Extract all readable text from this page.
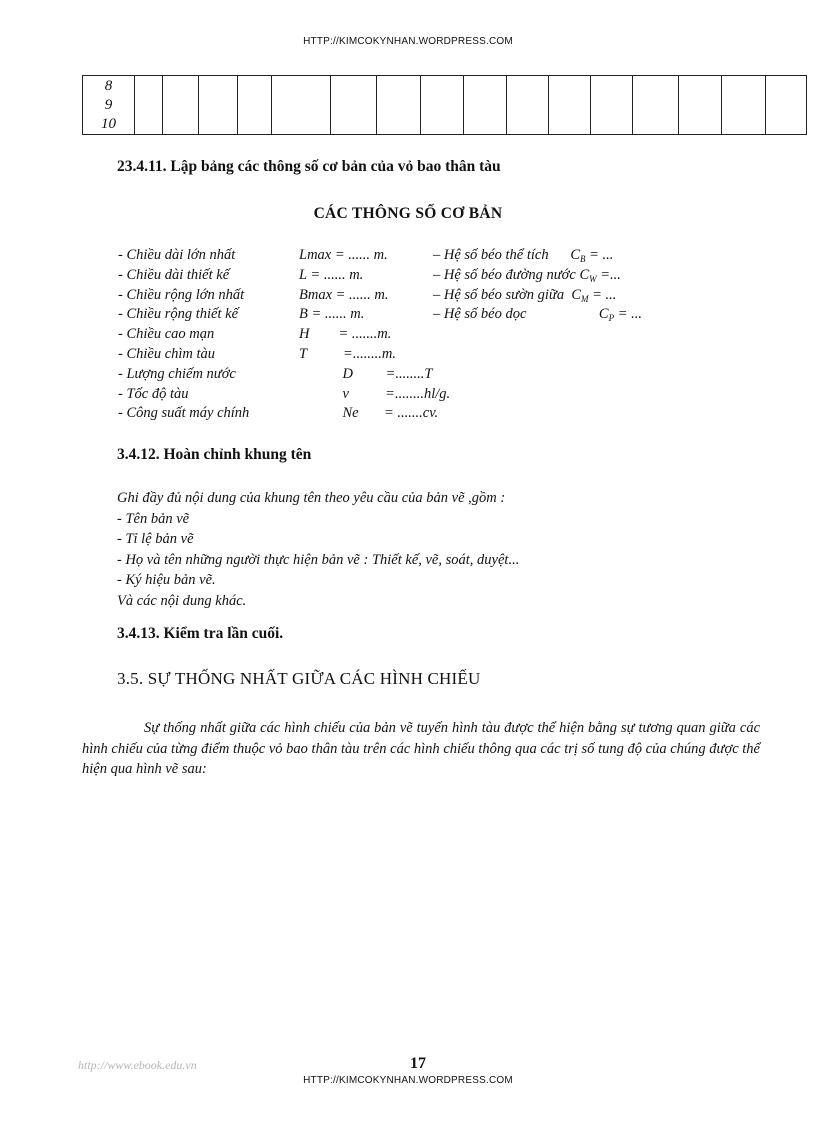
HTTP://KIMCOKYNHAN.WORDPRESS.COM
8
9
10

23.4.11. Lập bảng các thông số cơ bản của vỏ bao thân tàu
CÁC THÔNG SỐ CƠ BẢN
- Chiều dài lớn nhất	Lmax = ...... m.	– Hệ số béo thể tích $C_B$ = ...
- Chiều dài thiết kế	L = ...... m.	– Hệ số béo đường nước $C_W$ =...
- Chiều rộng lớn nhất	Bmax = ...... m.	– Hệ số béo sườn giữa $C_M$ = ...
- Chiều rộng thiết kế	B = ...... m.	– Hệ số béo dọc	$C_P$ = ...
- Chiều cao mạn	H        = .......m.
- Chiều chìm tàu	T          =........m.
- Lượng chiếm nước	D         =........T
- Tốc độ tàu	v          =........hl/g.
- Công suất máy chính	Ne       = .......cv.
3.4.12. Hoàn chỉnh khung tên
Ghi đầy đủ nội dung của khung tên theo yêu cầu của bản vẽ ,gồm :
- Tên bản vẽ
- Tỉ lệ bản vẽ
- Họ và tên những người thực hiện bản vẽ : Thiết kế, vẽ, soát, duyệt...
- Ký hiệu bản vẽ.
Và các nội dung khác.
3.4.13. Kiểm tra lần cuối.
3.5. SỰ THỐNG NHẤT GIỮA CÁC HÌNH CHIẾU
Sự thống nhất giữa các hình chiếu của bản vẽ tuyến hình tàu được thể hiện bằng sự tương quan giữa các hình chiếu của từng điểm thuộc vỏ bao thân tàu trên các hình chiếu thông qua các trị số tung độ của chúng được thể hiện qua hình vẽ sau:
http://www.ebook.edu.vn	17
HTTP://KIMCOKYNHAN.WORDPRESS.COM
